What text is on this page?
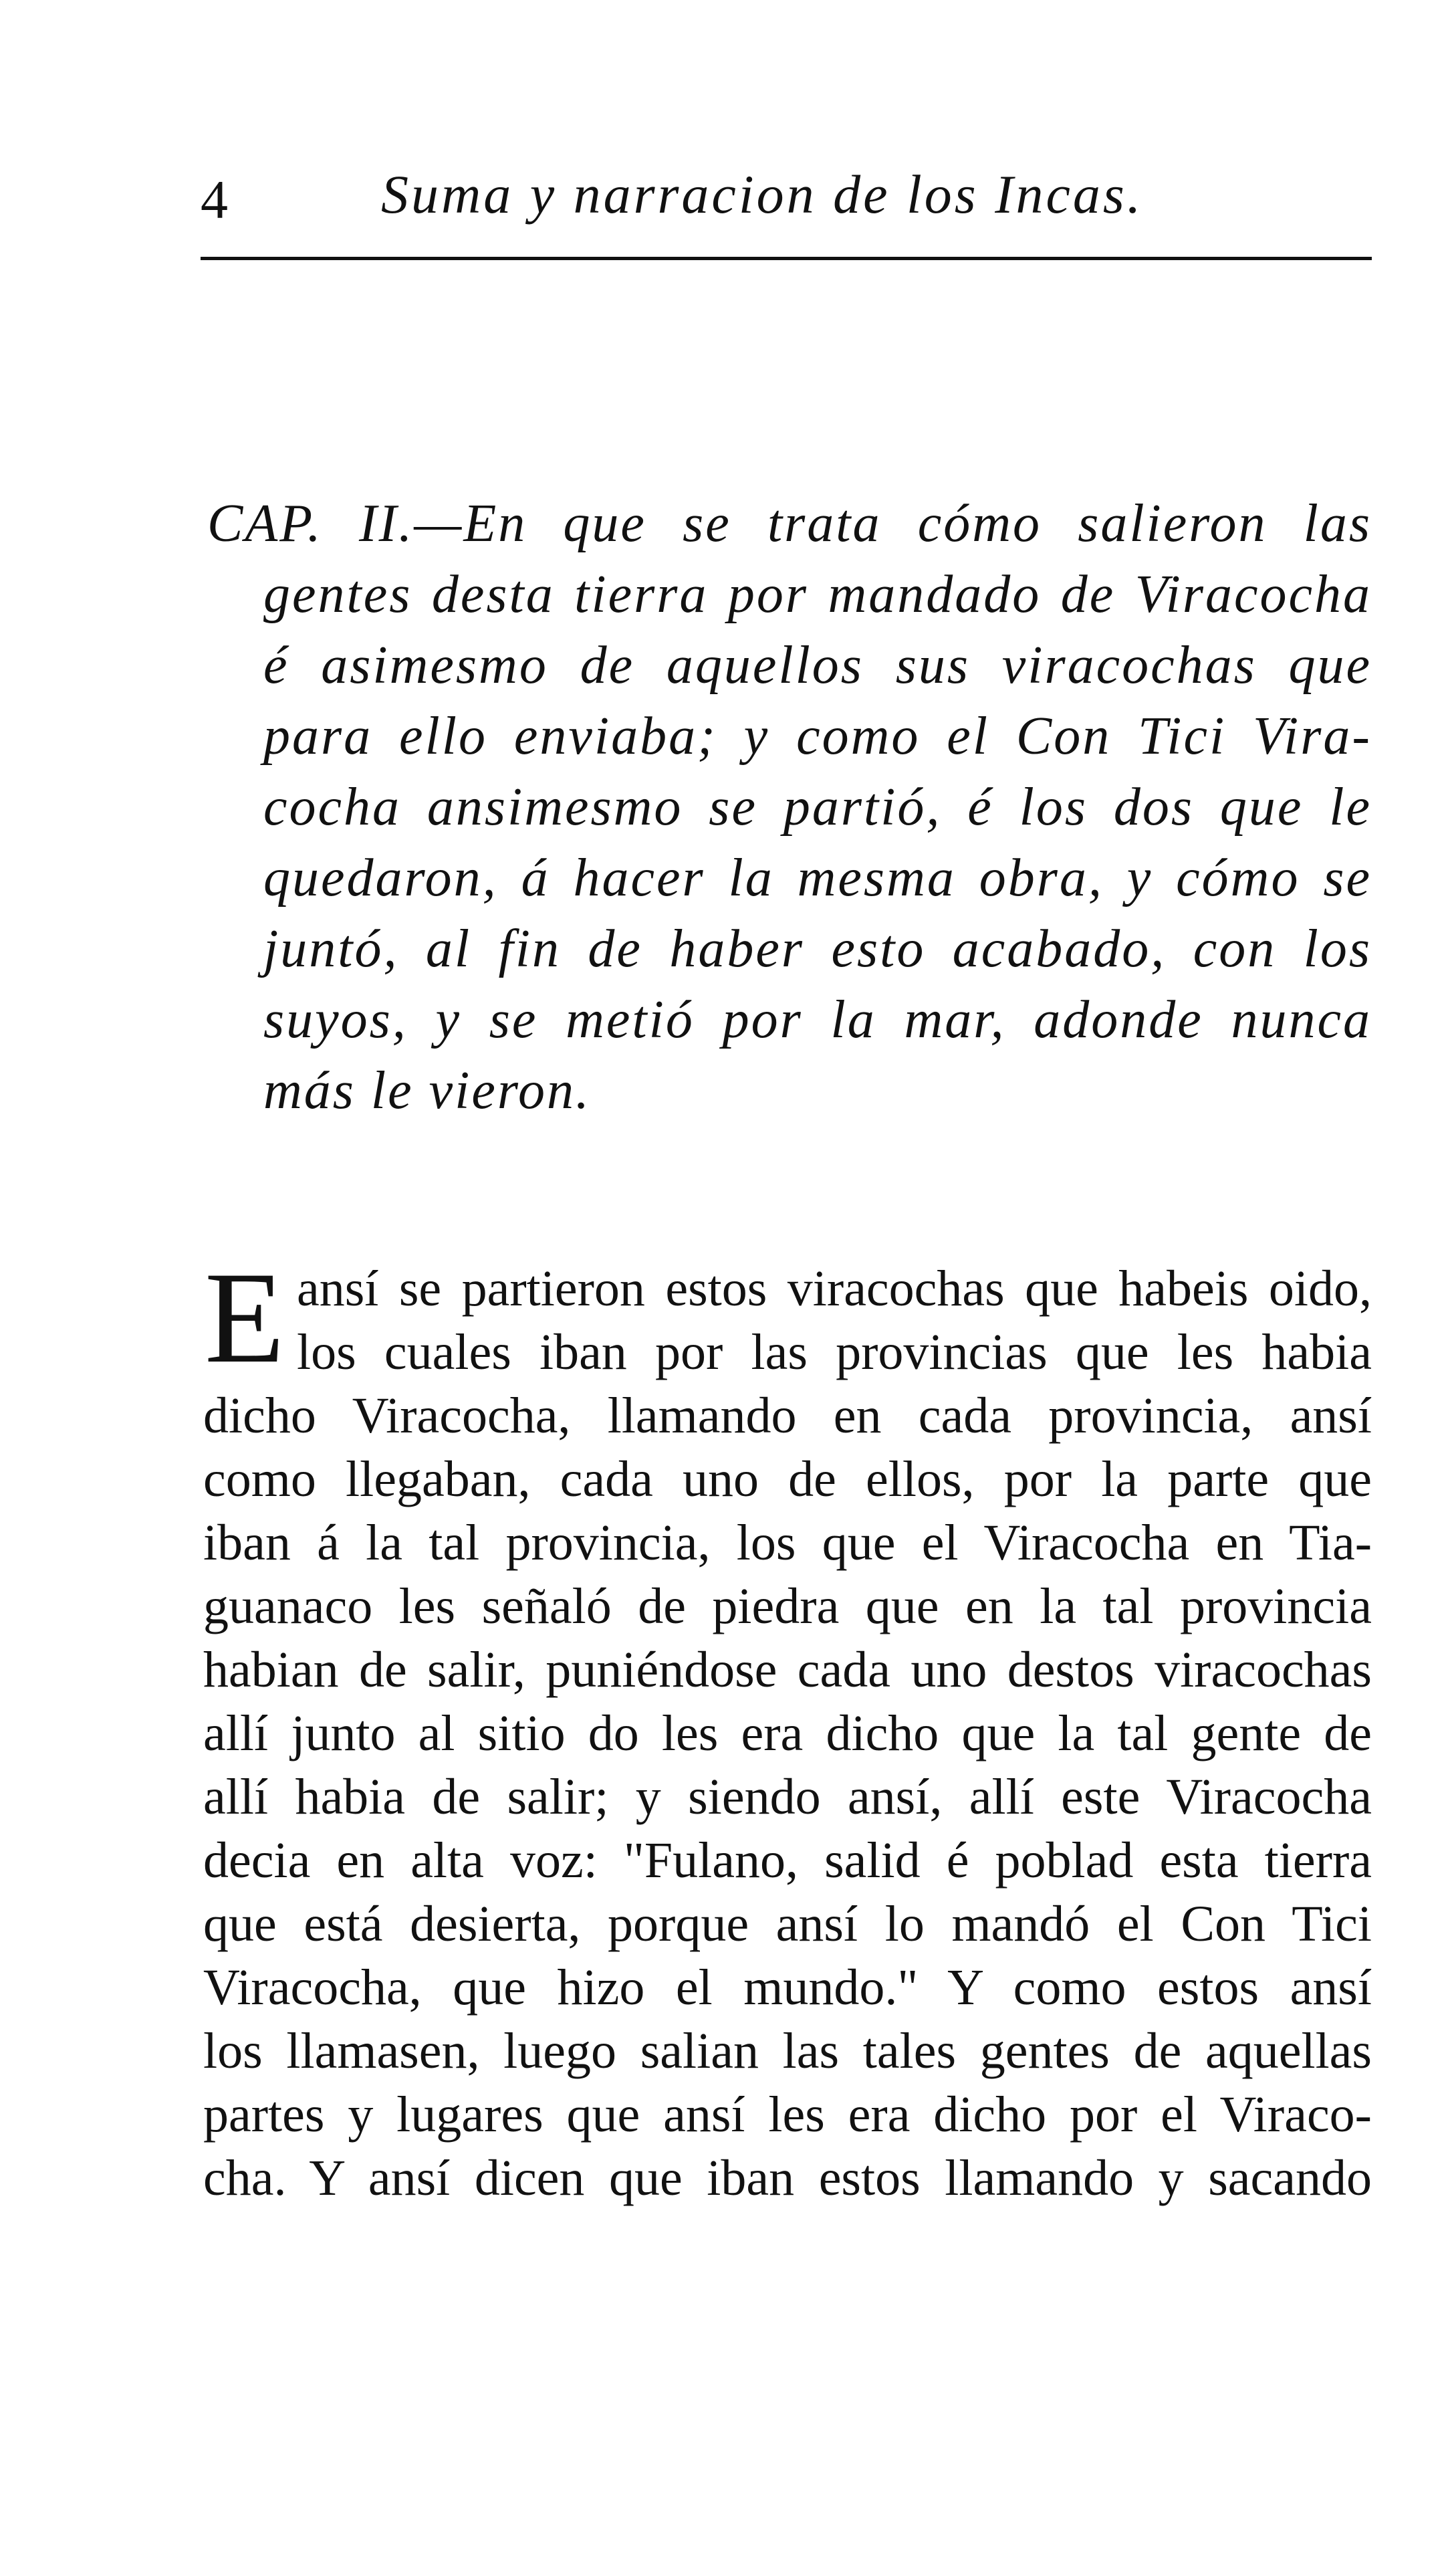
4	Suma y narracion de los Incas.
CAP. II.—En que se trata cómo salieron las
gentes desta tierra por mandado de Viracocha
é asimesmo de aquellos sus viracochas que
para ello enviaba; y como el Con Tici Vira-
cocha ansimesmo se partió, é los dos que le
quedaron, á hacer la mesma obra, y cómo se
juntó, al fin de haber esto acabado, con los
suyos, y se metió por la mar, adonde nunca
más le vieron.
E ansí se partieron estos viracochas que habeis oido,
los cuales iban por las provincias que les habia
dicho Viracocha, llamando en cada provincia, ansí
como llegaban, cada uno de ellos, por la parte que
iban á la tal provincia, los que el Viracocha en Tia-
guanaco les señaló de piedra que en la tal provincia
habian de salir, puniéndose cada uno destos viracochas
allí junto al sitio do les era dicho que la tal gente de
allí habia de salir; y siendo ansí, allí este Viracocha
decia en alta voz: "Fulano, salid é poblad esta tierra
que está desierta, porque ansí lo mandó el Con Tici
Viracocha, que hizo el mundo." Y como estos ansí
los llamasen, luego salian las tales gentes de aquellas
partes y lugares que ansí les era dicho por el Viraco-
cha. Y ansí dicen que iban estos llamando y sacando
